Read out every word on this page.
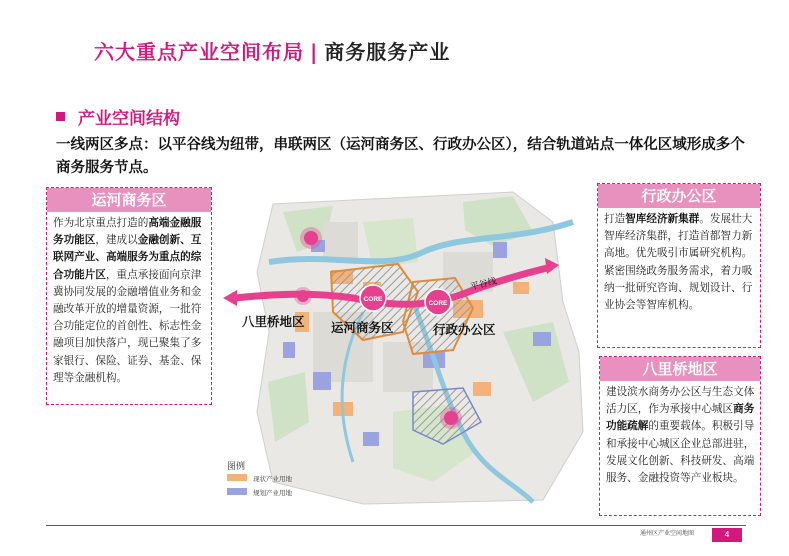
六大重点产业空间布局 | 商务服务产业
产业空间结构
一线两区多点：以平谷线为纽带，串联两区（运河商务区、行政办公区），结合轨道站点一体化区域形成多个商务服务节点。
CORE
CORE
平谷线
图例
现状产业用地
规划产业用地
八里桥地区 运河商务区	行政办公区
运河商务区
作为北京重点打造的高端金融服务功能区，建成以金融创新、互联网产业、高端服务为重点的综合功能片区，重点承接面向京津冀协同发展的金融增值业务和金融改革开放的增量资源，一批符合功能定位的首创性、标志性金融项目加快落户，现已聚集了多家银行、保险、证券、基金、保理等金融机构。
行政办公区
打造智库经济新集群。发展壮大智库经济集群，打造首都智力新高地。优先吸引市属研究机构。紧密围绕政务服务需求，着力吸纳一批研究咨询、规划设计、行业协会等智库机构。
八里桥地区
建设滨水商务办公区与生态文体活力区，作为承接中心城区商务功能疏解的重要载体。积极引导和承接中心城区企业总部进驻，发展文化创新、科技研发、高端服务、金融投资等产业板块。
通州区产业空间地图	4
